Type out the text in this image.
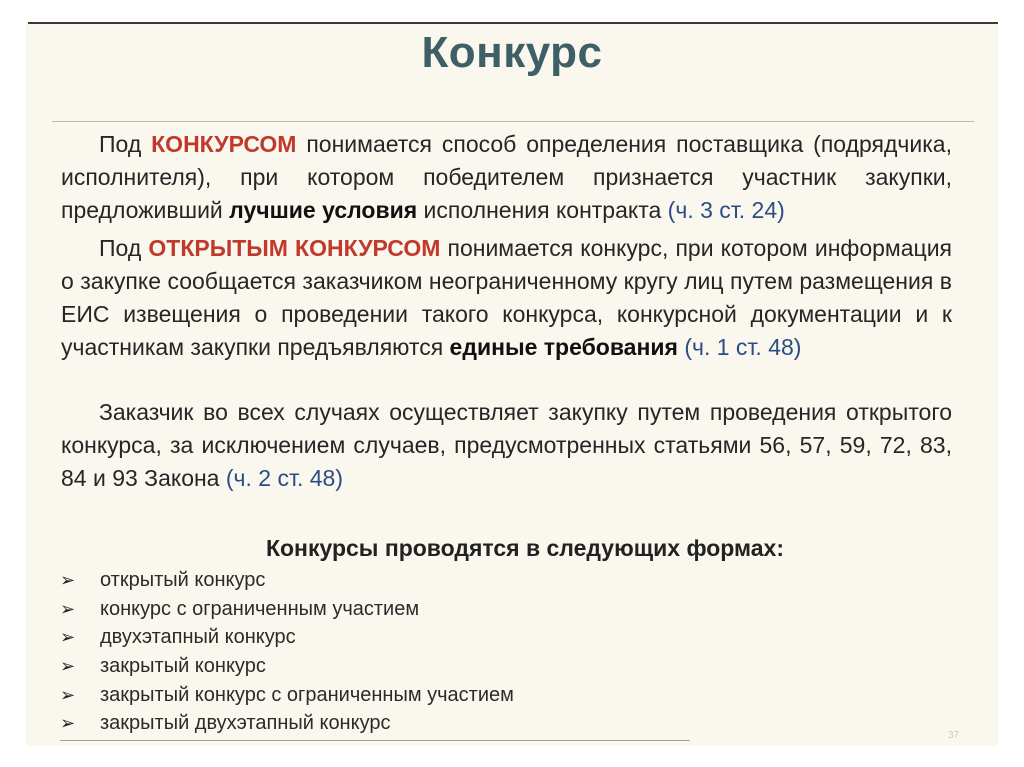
Конкурс

Под КОНКУРСОМ понимается способ определения поставщика (подрядчика, исполнителя), при котором победителем признается участник закупки, предложивший лучшие условия исполнения контракта (ч. 3 ст. 24)

Под ОТКРЫТЫМ КОНКУРСОМ понимается конкурс, при котором информация о закупке сообщается заказчиком неограниченному кругу лиц путем размещения в ЕИС извещения о проведении такого конкурса, конкурсной документации и к участникам закупки предъявляются единые требования (ч. 1 ст. 48)

Заказчик во всех случаях осуществляет закупку путем проведения открытого конкурса, за исключением случаев, предусмотренных статьями 56, 57, 59, 72, 83, 84 и 93 Закона (ч. 2 ст. 48)

Конкурсы проводятся в следующих формах:
➢	открытый конкурс
➢	конкурс с ограниченным участием
➢	двухэтапный конкурс
➢	закрытый конкурс
➢	закрытый конкурс с ограниченным участием
➢	закрытый двухэтапный конкурс
37
